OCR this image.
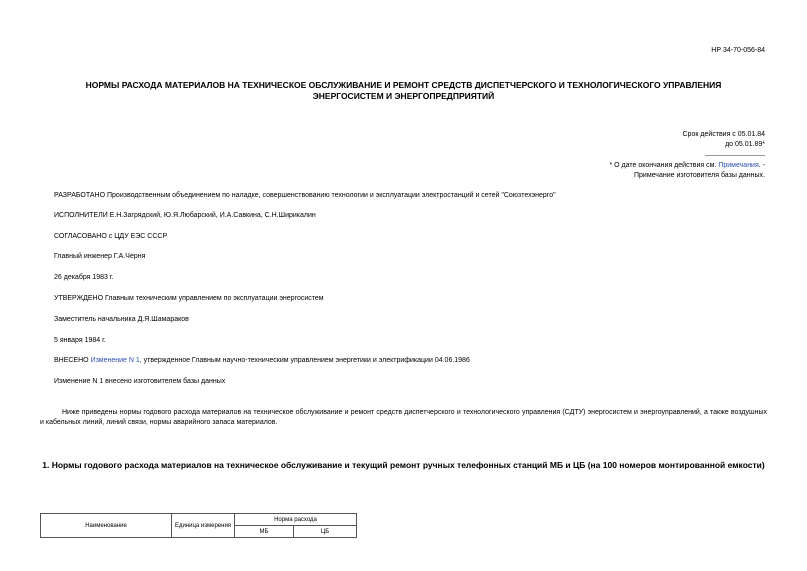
НР 34-70-056-84
НОРМЫ РАСХОДА МАТЕРИАЛОВ НА ТЕХНИЧЕСКОЕ ОБСЛУЖИВАНИЕ И РЕМОНТ СРЕДСТВ ДИСПЕТЧЕРСКОГО И ТЕХНОЛОГИЧЕСКОГО УПРАВЛЕНИЯ ЭНЕРГОСИСТЕМ И ЭНЕРГОПРЕДПРИЯТИЙ
Срок действия с 05.01.84
до 05.01.89*
* О дате окончания действия см. Примечания. -
Примечание изготовителя базы данных.
РАЗРАБОТАНО Производственным объединением по наладке, совершенствованию технологии и эксплуатации электростанций и сетей "Союзтехэнерго"
ИСПОЛНИТЕЛИ Е.Н.Загрядский, Ю.Я.Любарский, И.А.Савкина, С.Н.Ширикалин
СОГЛАСОВАНО с ЦДУ ЕЭС СССР
Главный инженер Г.А.Черня
26 декабря 1983 г.
УТВЕРЖДЕНО Главным техническим управлением по эксплуатации энергосистем
Заместитель начальника Д.Я.Шамараков
5 января 1984 г.
ВНЕСЕНО Изменение N 1, утвержденное Главным научно-техническим управлением энергетики и электрификации 04.06.1986
Изменение N 1 внесено изготовителем базы данных
Ниже приведены нормы годового расхода материалов на техническое обслуживание и ремонт средств диспетчерского и технологического управления (СДТУ) энергосистем и энергоуправлений, а также воздушных и кабельных линий, линий связи, нормы аварийного запаса материалов.
1. Нормы годового расхода материалов на техническое обслуживание и текущий ремонт ручных телефонных станций МБ и ЦБ (на 100 номеров монтированной емкости)
Наименование	Единица измерения	Норма расхода	
		МБ	ЦБ
